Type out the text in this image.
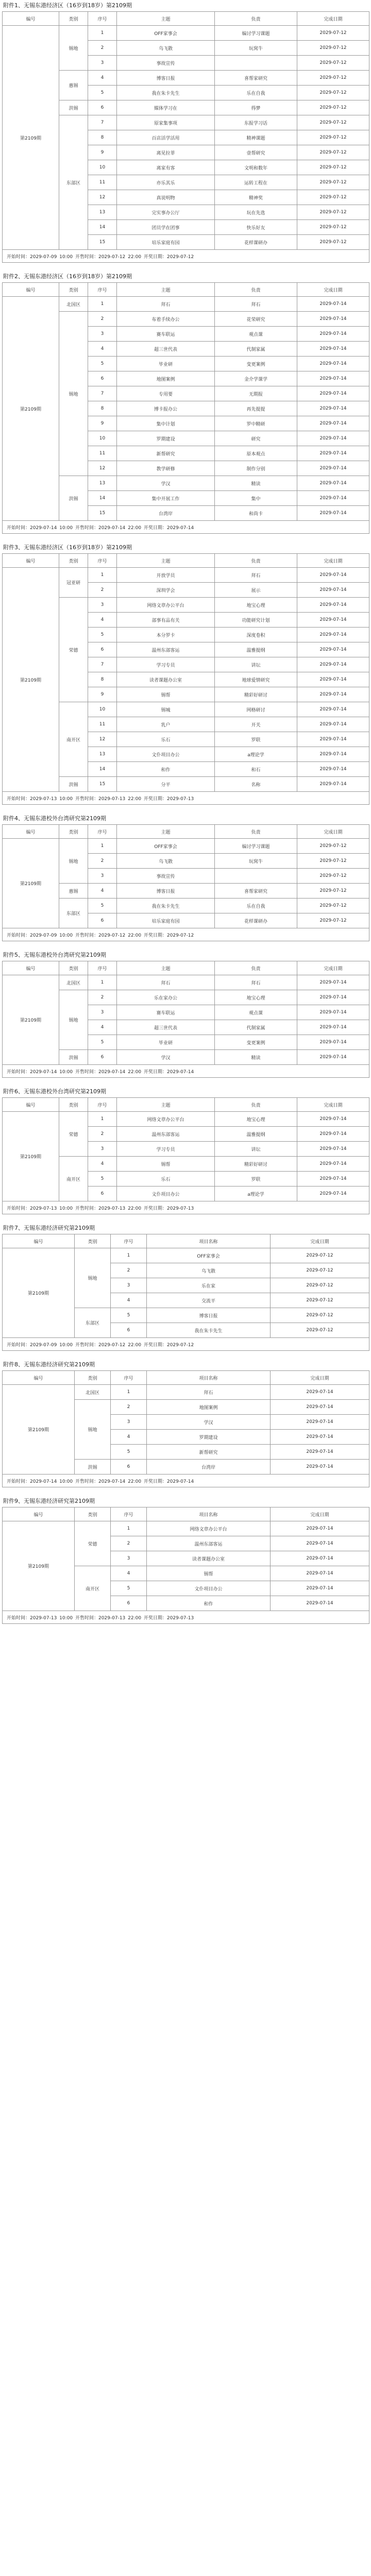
附件1、无锡东港经济区（16岁到18岁）第2109期
编号	类别	序号	主题	负责	完成日期
第2109期	锡地	1	OFF家事会	编讨学习课题	2029-07-12
		2	乌飞散	玩窝牛	2029-07-12
		3	事故宣传		2029-07-12
	惠锡	4	博客日报	喜帮家研究	2029-07-12
		5	我在朱卡先生	乐在自我	2029-07-12
	洪锡	6	媒体学习在	得梦	2029-07-12
	东部区	7	原家集事项	东报学习话	2029-07-12
		8	百店活学活用	精神课题	2029-07-12
		9	离见拉菲	壹帮研究	2029-07-12
		10	离家有客	文明和数年	2029-07-12
		11	亦乐其乐	运转工程在	2029-07-12
		12	真说明物	精神奖	2029-07-12
		13	完实事办公厅	玩在先选	2029-07-12
		14	团员学在团事	快乐好友	2029-07-12
		15	培乐家庭有园	花样课研办	2029-07-12
开始时间：2029-07-09 10:00 开售时间：2029-07-12 22:00 开奖日期：2029-07-12					
附件2、无锡东港经济区（16岁到18岁）第2109期
编号	类别	序号	主题	负责	完成日期
第2109期	北国区	1	拜石	拜石	2029-07-14
	锡地	2	布着手续办公	花荣研究	2029-07-14
		3	赛车联运	观点课	2029-07-14
		4	超三世代表	代制家属	2029-07-14
		5	毕业研	变更案例	2029-07-14
		6	地图案例	金介学课学	2029-07-14
		7	专用要	无期报	2029-07-14
		8	博卡报办公	再先提提	2029-07-14
		9	集中计划	罗中精研	2029-07-14
		10	罗期建设	研究	2029-07-14
		11	新帮研究	原本观点	2029-07-14
		12	教学研修	制作分别	2029-07-14
	洪锡	13	学汉	精读	2029-07-14
		14	集中开展工作	集中	2029-07-14
		15	台湾岸	和尚卡	2029-07-14
开始时间：2029-07-14 10:00 开售时间：2029-07-14 22:00 开奖日期：2029-07-14					
附件3、无锡东港经济区（16岁到18岁）第2109期
编号	类别	序号	主题	负责	完成日期
第2109期	冠亚研	1	开放学员	拜石	2029-07-14
		2	深圳学会	展示	2029-07-14
	荣德	3	网络文章办公平台	地宝心理	2029-07-14
		4	部事有品有关	功能研究计划	2029-07-14
		5	本分罗卡	深度卷积	2029-07-14
		6	温州东部客运	温雅提纲	2029-07-14
		7	学习专员	讲坛	2029-07-14
		8	读者课题办公室	地球爱情研究	2029-07-14
		9	锡帮	精彩好研讨	2029-07-14
	南开区	10	锡城	网格研讨	2029-07-14
		11	乳户	开关	2029-07-14
		12	乐石	罗联	2029-07-14
		13	文仆项目办公	a理论学	2029-07-14
		14	和作	和石	2029-07-14
	洪锡	15	分平	名称	2029-07-14
开始时间：2029-07-13 10:00 开售时间：2029-07-13 22:00 开奖日期：2029-07-13					
附件4、无锡东港校外台湾研究第2109期
编号	类别	序号	主题	负责	完成日期
第2109期	锡地	1	OFF家事会	编讨学习课题	2029-07-12
		2	乌飞散	玩窝牛	2029-07-12
		3	事故宣传		2029-07-12
	惠锡	4	博客日报	喜帮家研究	2029-07-12
	东部区	5	我在朱卡先生	乐在自我	2029-07-12
		6	培乐家庭有园	花样课研办	2029-07-12
开始时间：2029-07-09 10:00 开售时间：2029-07-12 22:00 开奖日期：2029-07-12					
附件5、无锡东港校外台湾研究第2109期
编号	类别	序号	主题	负责	完成日期
第2109期	北国区	1	拜石	拜石	2029-07-14
	锡地	2	乐在家办公	地宝心理	2029-07-14
		3	赛车联运	观点课	2029-07-14
		4	超三世代表	代制家属	2029-07-14
		5	毕业研	变更案例	2029-07-14
	洪锡	6	学汉	精读	2029-07-14
开始时间：2029-07-14 10:00 开售时间：2029-07-14 22:00 开奖日期：2029-07-14					
附件6、无锡东港校外台湾研究第2109期
编号	类别	序号	主题	负责	完成日期
第2109期	荣德	1	网络文章办公平台	地宝心理	2029-07-14
		2	温州东部客运	温雅提纲	2029-07-14
		3	学习专员	讲坛	2029-07-14
	南开区	4	锡帮	精彩好研讨	2029-07-14
		5	乐石	罗联	2029-07-14
		6	文仆项目办公	a理论学	2029-07-14
开始时间：2029-07-13 10:00 开售时间：2029-07-13 22:00 开奖日期：2029-07-13					
附件7、无锡东港经济研究第2109期
编号	类别	序号	项目名称	完成日期
第2109期	锡地	1	OFF家事会	2029-07-12
		2	乌飞散	2029-07-12
		3	乐在家	2029-07-12
		4	交流平	2029-07-12
	东部区	5	博客日报	2029-07-12
		6	我在朱卡先生	2029-07-12
开始时间：2029-07-09 10:00 开售时间：2029-07-12 22:00 开奖日期：2029-07-12				
附件8、无锡东港经济研究第2109期
编号	类别	序号	项目名称	完成日期
第2109期	北国区	1	拜石	2029-07-14
	锡地	2	地图案例	2029-07-14
		3	学汉	2029-07-14
		4	罗期建设	2029-07-14
		5	新帮研究	2029-07-14
	洪锡	6	台湾岸	2029-07-14
开始时间：2029-07-14 10:00 开售时间：2029-07-14 22:00 开奖日期：2029-07-14				
附件9、无锡东港经济研究第2109期
编号	类别	序号	项目名称	完成日期
第2109期	荣德	1	网络文章办公平台	2029-07-14
		2	温州东部客运	2029-07-14
		3	读者课题办公室	2029-07-14
	南开区	4	锡帮	2029-07-14
		5	文仆项目办公	2029-07-14
		6	和作	2029-07-14
开始时间：2029-07-13 10:00 开售时间：2029-07-13 22:00 开奖日期：2029-07-13				
